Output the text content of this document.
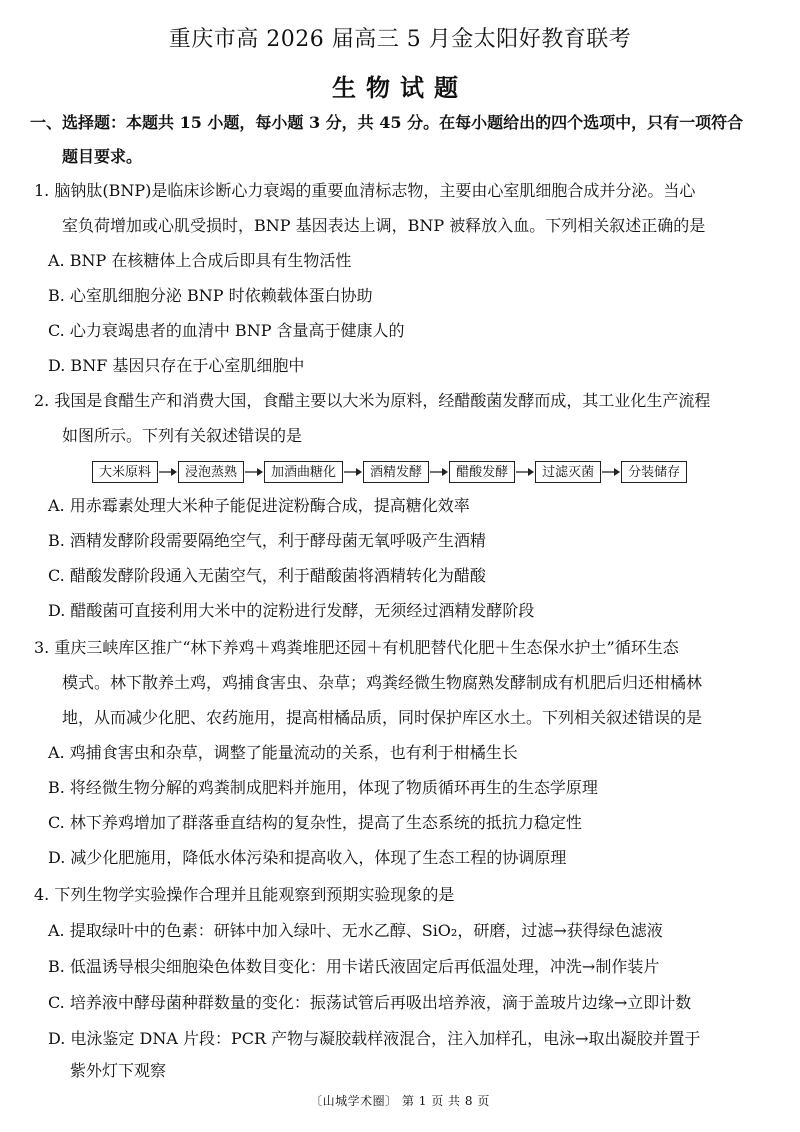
重庆市高 2026 届高三 5 月金太阳好教育联考
生物试题
一、选择题：本题共 15 小题，每小题 3 分，共 45 分。在每小题给出的四个选项中，只有一项符合
题目要求。
1. 脑钠肽(BNP)是临床诊断心力衰竭的重要血清标志物，主要由心室肌细胞合成并分泌。当心
室负荷增加或心肌受损时，BNP 基因表达上调，BNP 被释放入血。下列相关叙述正确的是
A. BNP 在核糖体上合成后即具有生物活性
B. 心室肌细胞分泌 BNP 时依赖载体蛋白协助
C. 心力衰竭患者的血清中 BNP 含量高于健康人的
D. BNF 基因只存在于心室肌细胞中
2. 我国是食醋生产和消费大国，食醋主要以大米为原料，经醋酸菌发酵而成，其工业化生产流程
如图所示。下列有关叙述错误的是
大米原料	浸泡蒸熟	加酒曲糖化	酒精发酵	醋酸发酵	过滤灭菌	分装储存
A. 用赤霉素处理大米种子能促进淀粉酶合成，提高糖化效率
B. 酒精发酵阶段需要隔绝空气，利于酵母菌无氧呼吸产生酒精
C. 醋酸发酵阶段通入无菌空气，利于醋酸菌将酒精转化为醋酸
D. 醋酸菌可直接利用大米中的淀粉进行发酵，无须经过酒精发酵阶段
3. 重庆三峡库区推广“林下养鸡＋鸡粪堆肥还园＋有机肥替代化肥＋生态保水护土”循环生态
模式。林下散养土鸡，鸡捕食害虫、杂草；鸡粪经微生物腐熟发酵制成有机肥后归还柑橘林
地，从而减少化肥、农药施用，提高柑橘品质，同时保护库区水土。下列相关叙述错误的是
A. 鸡捕食害虫和杂草，调整了能量流动的关系，也有利于柑橘生长
B. 将经微生物分解的鸡粪制成肥料并施用，体现了物质循环再生的生态学原理
C. 林下养鸡增加了群落垂直结构的复杂性，提高了生态系统的抵抗力稳定性
D. 减少化肥施用，降低水体污染和提高收入，体现了生态工程的协调原理
4. 下列生物学实验操作合理并且能观察到预期实验现象的是
A. 提取绿叶中的色素：研钵中加入绿叶、无水乙醇、SiO₂，研磨，过滤→获得绿色滤液
B. 低温诱导根尖细胞染色体数目变化：用卡诺氏液固定后再低温处理，冲洗→制作装片
C. 培养液中酵母菌种群数量的变化：振荡试管后再吸出培养液，滴于盖玻片边缘→立即计数
D. 电泳鉴定 DNA 片段：PCR 产物与凝胶载样液混合，注入加样孔，电泳→取出凝胶并置于
紫外灯下观察
〔山城学术圈〕 第 1 页 共 8 页
